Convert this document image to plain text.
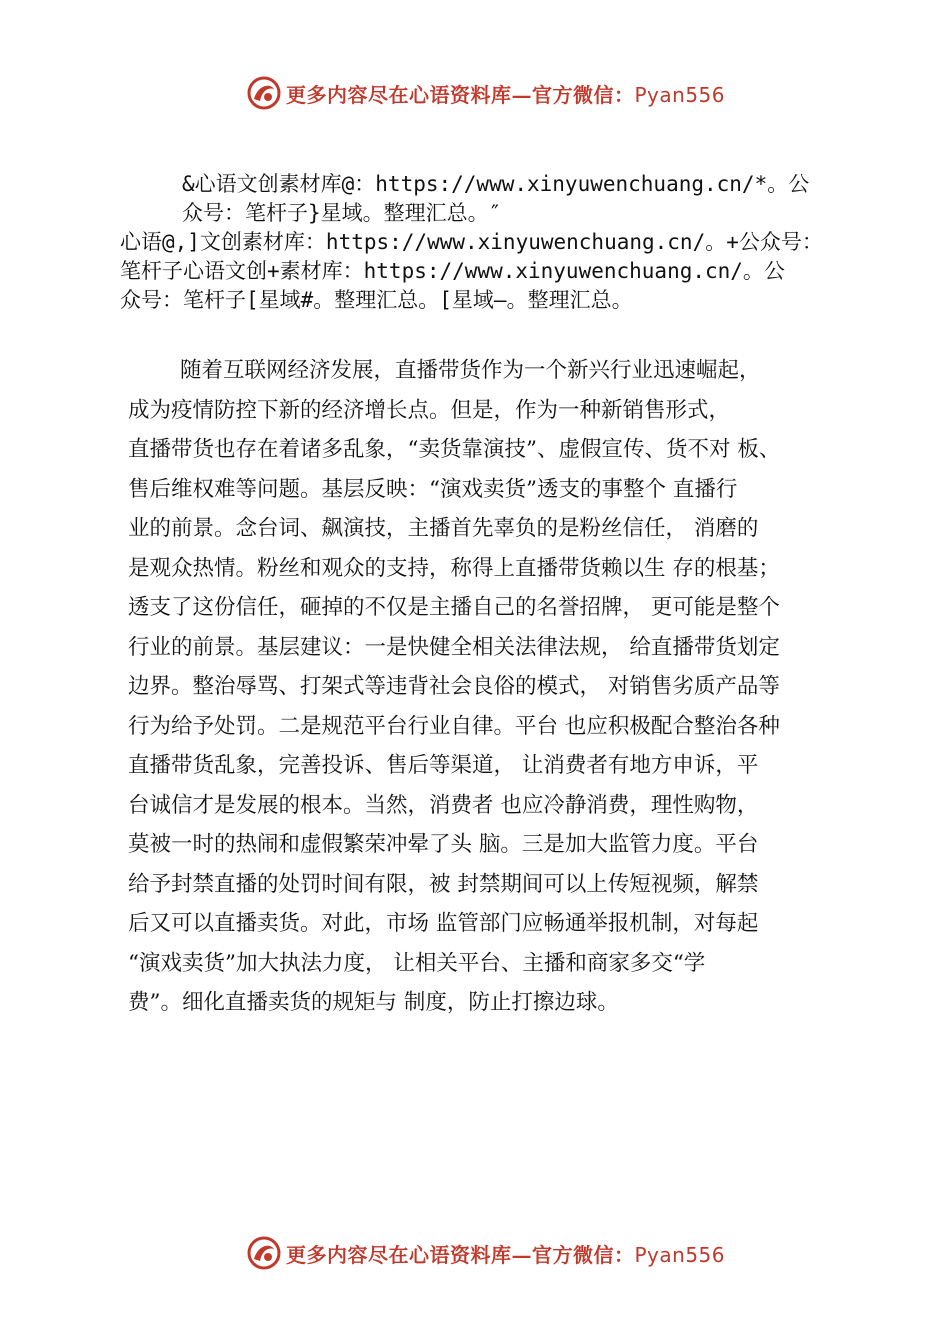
更多内容尽在心语资料库—官方微信：Pyan556
&心语文创素材库@：https://www.xinyuwenchuang.cn/*。公
众号：笔杆子}星域。整理汇总。″
心语@,]文创素材库：https://www.xinyuwenchuang.cn/。+公众号：
笔杆子心语文创+素材库：https://www.xinyuwenchuang.cn/。公
众号：笔杆子[星域#。整理汇总。[星域—。整理汇总。
随着互联网经济发展，直播带货作为一个新兴行业迅速崛起，
成为疫情防控下新的经济增长点。但是，作为一种新销售形式，
直播带货也存在着诸多乱象，“卖货靠演技”、虚假宣传、货不对 板、
售后维权难等问题。基层反映：“演戏卖货”透支的事整个 直播行
业的前景。念台词、飙演技，主播首先辜负的是粉丝信任， 消磨的
是观众热情。粉丝和观众的支持，称得上直播带货赖以生 存的根基；
透支了这份信任，砸掉的不仅是主播自己的名誉招牌， 更可能是整个
行业的前景。基层建议：一是快健全相关法律法规， 给直播带货划定
边界。整治辱骂、打架式等违背社会良俗的模式， 对销售劣质产品等
行为给予处罚。二是规范平台行业自律。平台 也应积极配合整治各种
直播带货乱象，完善投诉、售后等渠道， 让消费者有地方申诉，平
台诚信才是发展的根本。当然，消费者 也应冷静消费，理性购物，
莫被一时的热闹和虚假繁荣冲晕了头 脑。三是加大监管力度。平台
给予封禁直播的处罚时间有限，被 封禁期间可以上传短视频，解禁
后又可以直播卖货。对此，市场 监管部门应畅通举报机制，对每起
“演戏卖货”加大执法力度， 让相关平台、主播和商家多交“学
费”。细化直播卖货的规矩与 制度，防止打擦边球。
更多内容尽在心语资料库—官方微信：Pyan556
